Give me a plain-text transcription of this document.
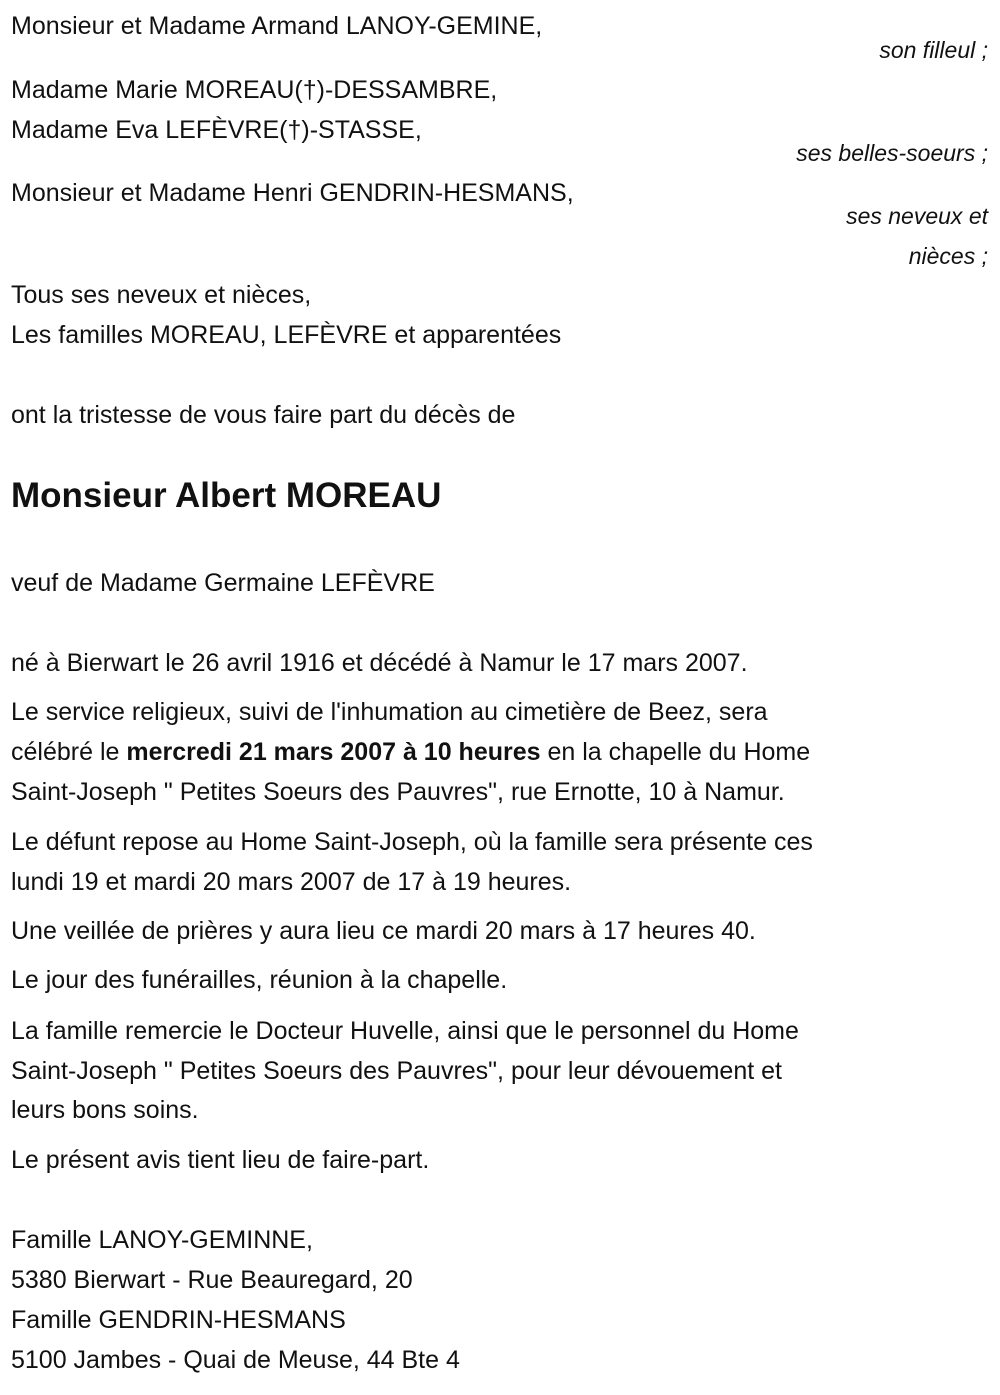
Monsieur et Madame Armand LANOY-GEMINE,
son filleul ;
Madame Marie MOREAU(†)-DESSAMBRE,
Madame Eva LEFÈVRE(†)-STASSE,
ses belles-soeurs ;
Monsieur et Madame Henri GENDRIN-HESMANS,
ses neveux et
nièces ;
Tous ses neveux et nièces,
Les familles MOREAU, LEFÈVRE et apparentées
ont la tristesse de vous faire part du décès de
Monsieur Albert MOREAU
veuf de Madame Germaine LEFÈVRE
né à Bierwart le 26 avril 1916 et décédé à Namur le 17 mars 2007.
Le service religieux, suivi de l'inhumation au cimetière de Beez, sera
célébré le mercredi 21 mars 2007 à 10 heures en la chapelle du Home
Saint-Joseph " Petites Soeurs des Pauvres", rue Ernotte, 10 à Namur.
Le défunt repose au Home Saint-Joseph, où la famille sera présente ces
lundi 19 et mardi 20 mars 2007 de 17 à 19 heures.
Une veillée de prières y aura lieu ce mardi 20 mars à 17 heures 40.
Le jour des funérailles, réunion à la chapelle.
La famille remercie le Docteur Huvelle, ainsi que le personnel du Home
Saint-Joseph " Petites Soeurs des Pauvres", pour leur dévouement et
leurs bons soins.
Le présent avis tient lieu de faire-part.
Famille LANOY-GEMINNE,
5380 Bierwart - Rue Beauregard, 20
Famille GENDRIN-HESMANS
5100 Jambes - Quai de Meuse, 44 Bte 4
